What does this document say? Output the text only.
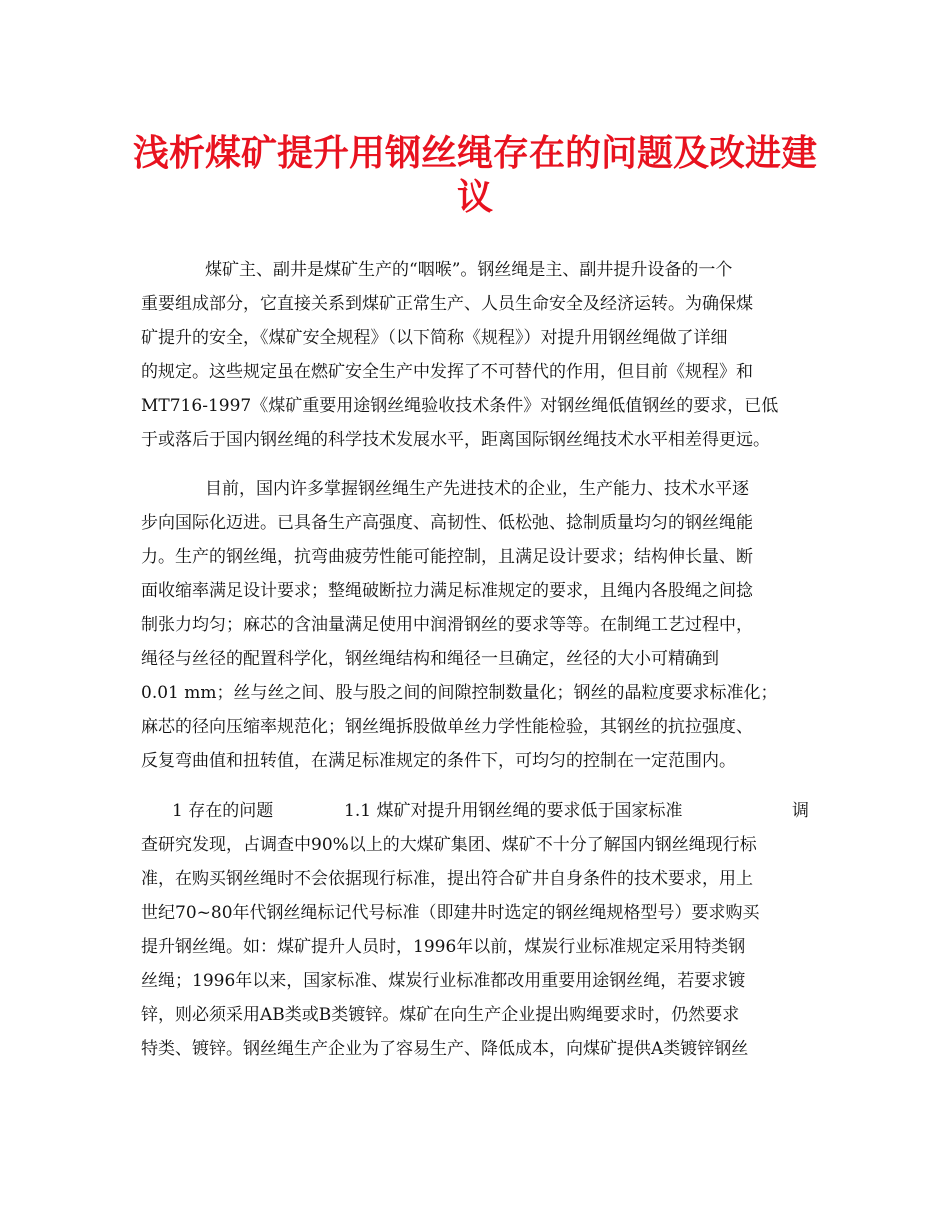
浅析煤矿提升用钢丝绳存在的问题及改进建
议
煤矿主、副井是煤矿生产的“咽喉”。钢丝绳是主、副井提升设备的一个
重要组成部分，它直接关系到煤矿正常生产、人员生命安全及经济运转。为确保煤
矿提升的安全，《煤矿安全规程》（以下简称《规程》）对提升用钢丝绳做了详细
的规定。这些规定虽在燃矿安全生产中发挥了不可替代的作用，但目前《规程》和
MT716-1997《煤矿重要用途钢丝绳验收技术条件》对钢丝绳低值钢丝的要求，已低
于或落后于国内钢丝绳的科学技术发展水平，距离国际钢丝绳技术水平相差得更远。
目前，国内许多掌握钢丝绳生产先进技术的企业，生产能力、技术水平逐
步向国际化迈进。已具备生产高强度、高韧性、低松弛、捻制质量均匀的钢丝绳能
力。生产的钢丝绳，抗弯曲疲劳性能可能控制，且满足设计要求；结构伸长量、断
面收缩率满足设计要求；整绳破断拉力满足标准规定的要求，且绳内各股绳之间捻
制张力均匀；麻芯的含油量满足使用中润滑钢丝的要求等等。在制绳工艺过程中，
绳径与丝径的配置科学化，钢丝绳结构和绳径一旦确定，丝径的大小可精确到
0.01 mm；丝与丝之间、股与股之间的间隙控制数量化；钢丝的晶粒度要求标准化；
麻芯的径向压缩率规范化；钢丝绳拆股做单丝力学性能检验，其钢丝的抗拉强度、
反复弯曲值和扭转值，在满足标准规定的条件下，可均匀的控制在一定范围内。
1 存在的问题	1.1 煤矿对提升用钢丝绳的要求低于国家标准	调
查研究发现，占调查中90%以上的大煤矿集团、煤矿不十分了解国内钢丝绳现行标
准，在购买钢丝绳时不会依据现行标准，提出符合矿井自身条件的技术要求，用上
世纪70~80年代钢丝绳标记代号标准（即建井时选定的钢丝绳规格型号）要求购买
提升钢丝绳。如：煤矿提升人员时，1996年以前，煤炭行业标准规定采用特类钢
丝绳；1996年以来，国家标准、煤炭行业标准都改用重要用途钢丝绳，若要求镀
锌，则必须采用AB类或B类镀锌。煤矿在向生产企业提出购绳要求时，仍然要求
特类、镀锌。钢丝绳生产企业为了容易生产、降低成本，向煤矿提供A类镀锌钢丝
